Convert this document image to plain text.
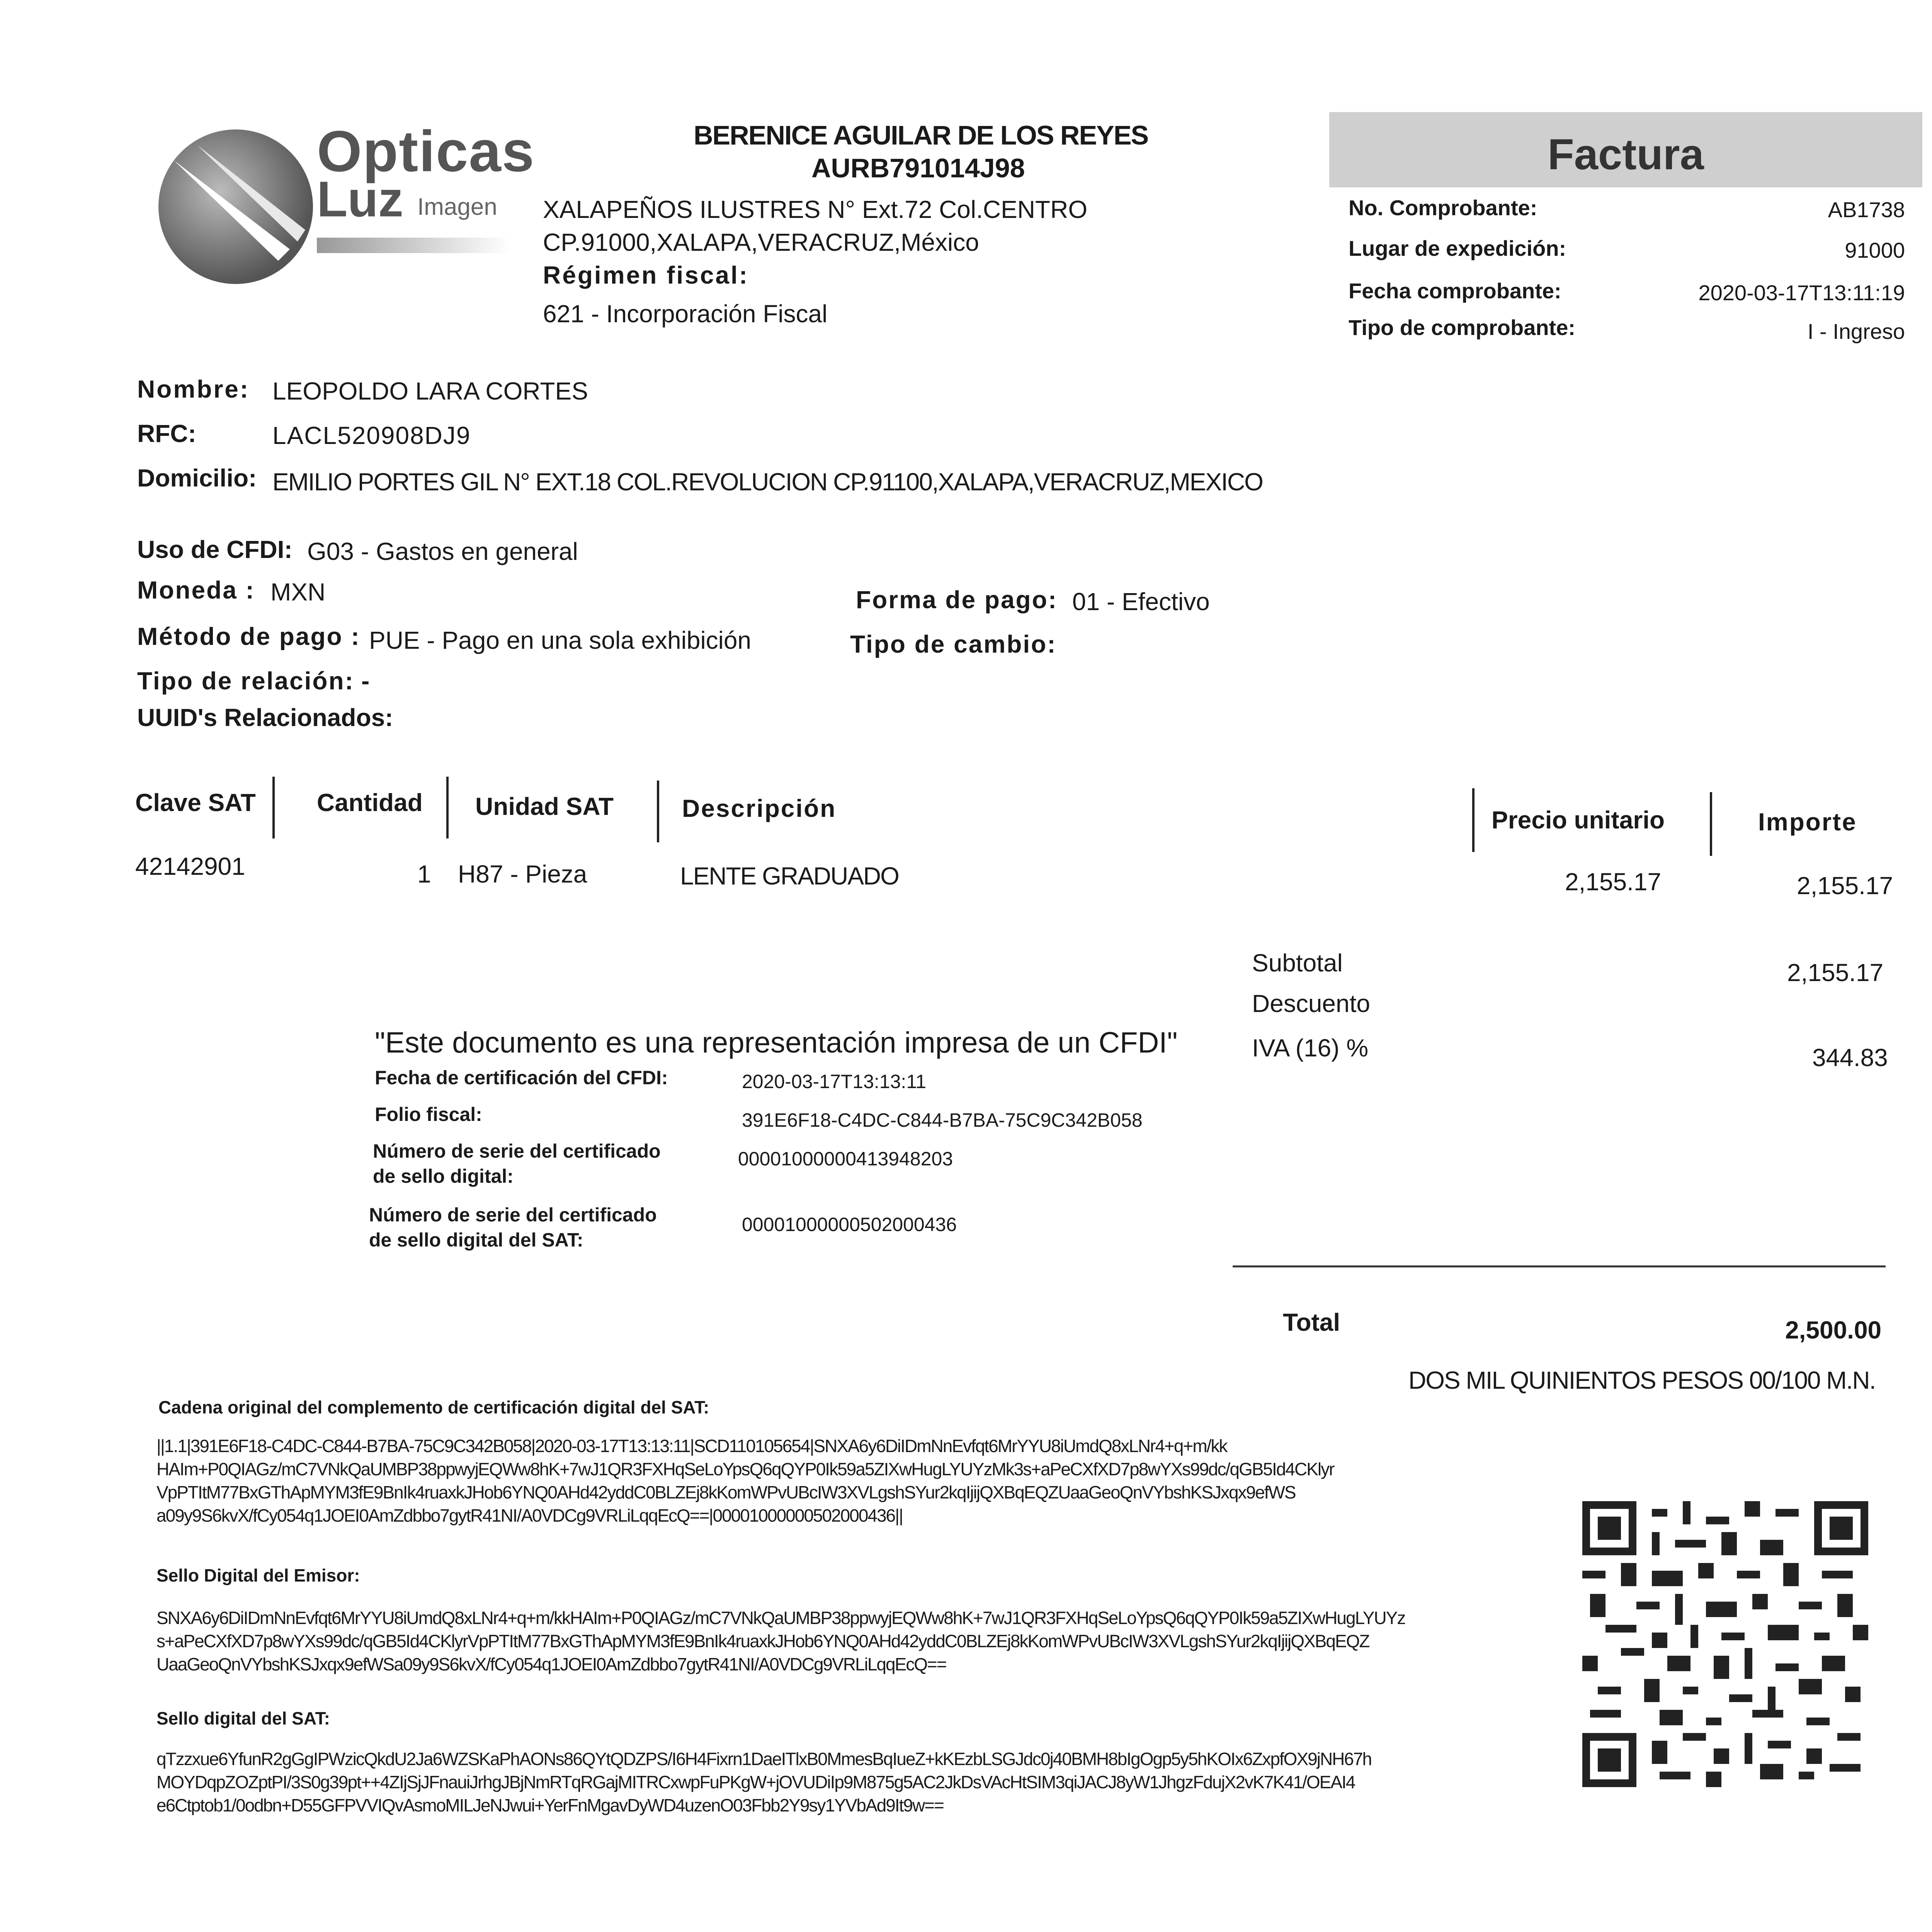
Opticas
Luz Imagen
BERENICE AGUILAR DE LOS REYES
AURB791014J98
XALAPEÑOS ILUSTRES N° Ext.72 Col.CENTRO
CP.91000,XALAPA,VERACRUZ,México
Régimen fiscal:
621 - Incorporación Fiscal
Factura
No. Comprobante:	AB1738
Lugar de expedición:	91000
Fecha comprobante:	2020-03-17T13:11:19
Tipo de comprobante:	I - Ingreso
Nombre: LEOPOLDO LARA CORTES
RFC:	LACL520908DJ9
Domicilio: EMILIO PORTES GIL N° EXT.18 COL.REVOLUCION CP.91100,XALAPA,VERACRUZ,MEXICO
Uso de CFDI: G03 - Gastos en general
Moneda : MXN	Forma de pago: 01 - Efectivo
Método de pago : PUE - Pago en una sola exhibición	Tipo de cambio:
Tipo de relación: -
UUID's Relacionados:
Clave SAT Cantidad Unidad SAT	Descripción	Precio unitario	Importe
42142901	1 H87 - Pieza	LENTE GRADUADO	2,155.17	2,155.17
Subtotal	2,155.17
Descuento
IVA (16) %	344.83
Total	2,500.00
DOS MIL QUINIENTOS PESOS 00/100 M.N.
"Este documento es una representación impresa de un CFDI"
Fecha de certificación del CFDI:	2020-03-17T13:13:11
Folio fiscal:	391E6F18-C4DC-C844-B7BA-75C9C342B058
Número de serie del certificado
de sello digital:
00001000000413948203
Número de serie del certificado
de sello digital del SAT:
00001000000502000436
Cadena original del complemento de certificación digital del SAT:
||1.1|391E6F18-C4DC-C844-B7BA-75C9C342B058|2020-03-17T13:13:11|SCD110105654|SNXA6y6DiIDmNnEvfqt6MrYYU8iUmdQ8xLNr4+q+m/kk
HAIm+P0QIAGz/mC7VNkQaUMBP38ppwyjEQWw8hK+7wJ1QR3FXHqSeLoYpsQ6qQYP0Ik59a5ZIXwHugLYUYzMk3s+aPeCXfXD7p8wYXs99dc/qGB5Id4CKlyr
VpPTItM77BxGThApMYM3fE9BnIk4ruaxkJHob6YNQ0AHd42yddC0BLZEj8kKomWPvUBcIW3XVLgshSYur2kqIjijQXBqEQZUaaGeoQnVYbshKSJxqx9efWS
a09y9S6kvX/fCy054q1JOEI0AmZdbbo7gytR41NI/A0VDCg9VRLiLqqEcQ==|00001000000502000436||
Sello Digital del Emisor:
SNXA6y6DiIDmNnEvfqt6MrYYU8iUmdQ8xLNr4+q+m/kkHAIm+P0QIAGz/mC7VNkQaUMBP38ppwyjEQWw8hK+7wJ1QR3FXHqSeLoYpsQ6qQYP0Ik59a5ZIXwHugLYUYz
s+aPeCXfXD7p8wYXs99dc/qGB5Id4CKlyrVpPTItM77BxGThApMYM3fE9BnIk4ruaxkJHob6YNQ0AHd42yddC0BLZEj8kKomWPvUBcIW3XVLgshSYur2kqIjijQXBqEQZ
UaaGeoQnVYbshKSJxqx9efWSa09y9S6kvX/fCy054q1JOEI0AmZdbbo7gytR41NI/A0VDCg9VRLiLqqEcQ==
Sello digital del SAT:
qTzzxue6YfunR2gGgIPWzicQkdU2Ja6WZSKaPhAONs86QYtQDZPS/I6H4Fixrn1DaeITlxB0MmesBqIueZ+kKEzbLSGJdc0j40BMH8bIgOgp5y5hKOIx6ZxpfOX9jNH67h
MOYDqpZOZptPI/3S0g39pt++4ZIjSjJFnauiJrhgJBjNmRTqRGajMITRCxwpFuPKgW+jOVUDiIp9M875g5AC2JkDsVAcHtSIM3qiJACJ8yW1JhgzFdujX2vK7K41/OEAI4
e6Ctptob1/0odbn+D55GFPVVIQvAsmoMILJeNJwui+YerFnMgavDyWD4uzenO03Fbb2Y9sy1YVbAd9It9w==
